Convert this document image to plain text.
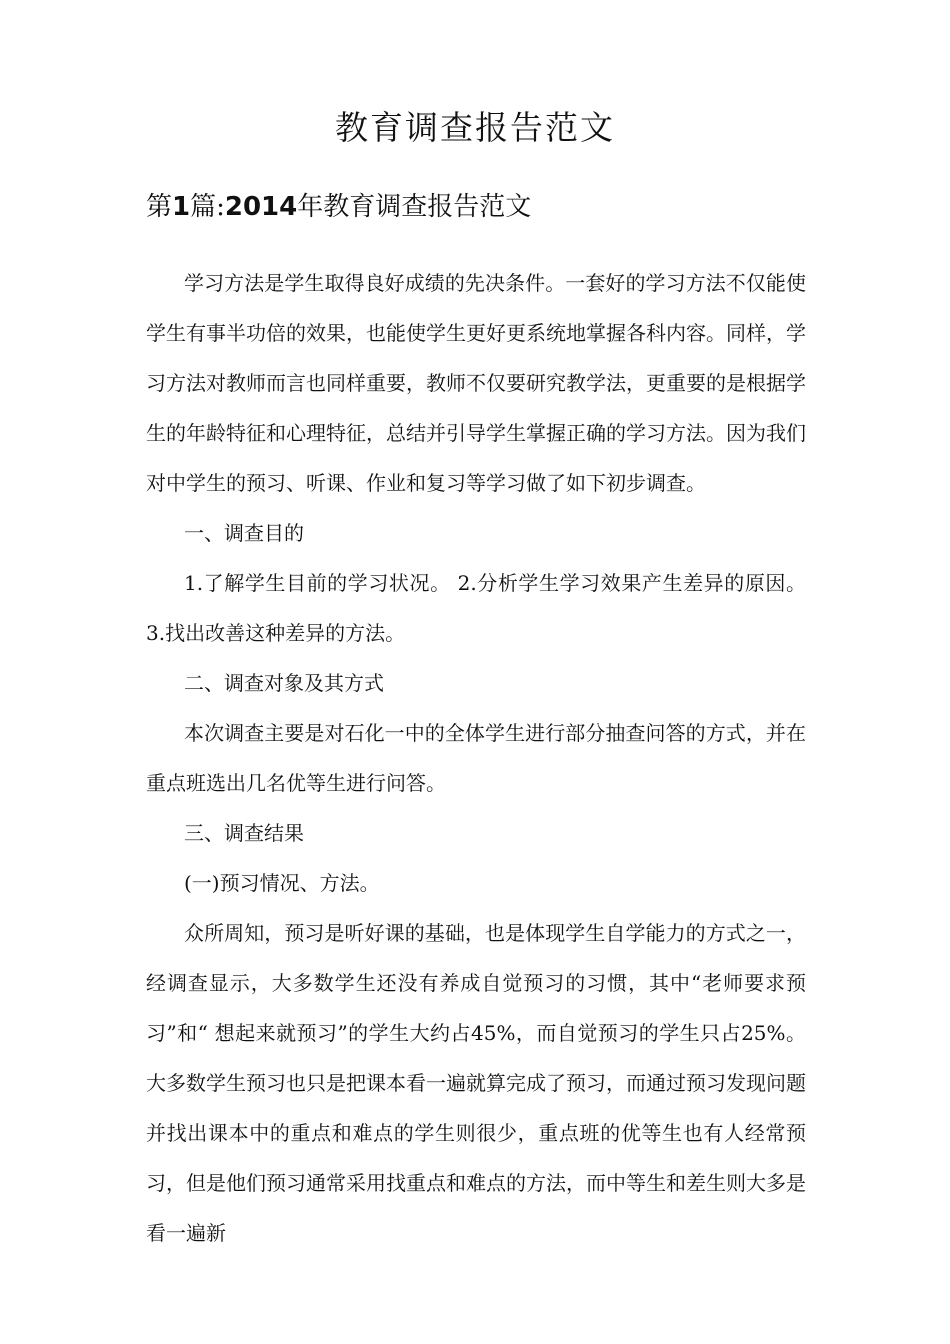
教育调查报告范文
第1篇:2014年教育调查报告范文

学习方法是学生取得良好成绩的先决条件。一套好的学习方法不仅能使学生有事半功倍的效果，也能使学生更好更系统地掌握各科内容。同样，学习方法对教师而言也同样重要，教师不仅要研究教学法，更重要的是根据学生的年龄特征和心理特征，总结并引导学生掌握正确的学习方法。因为我们对中学生的预习、听课、作业和复习等学习做了如下初步调查。

一、调查目的

1.了解学生目前的学习状况。 2.分析学生学习效果产生差异的原因。 3.找出改善这种差异的方法。

二、调查对象及其方式

本次调查主要是对石化一中的全体学生进行部分抽查问答的方式，并在重点班选出几名优等生进行问答。

三、调查结果

(一)预习情况、方法。

众所周知，预习是听好课的基础，也是体现学生自学能力的方式之一，经调查显示，大多数学生还没有养成自觉预习的习惯，其中“老师要求预习”和“ 想起来就预习”的学生大约占45%，而自觉预习的学生只占25%。大多数学生预习也只是把课本看一遍就算完成了预习，而通过预习发现问题并找出课本中的重点和难点的学生则很少，重点班的优等生也有人经常预习，但是他们预习通常采用找重点和难点的方法，而中等生和差生则大多是看一遍新
